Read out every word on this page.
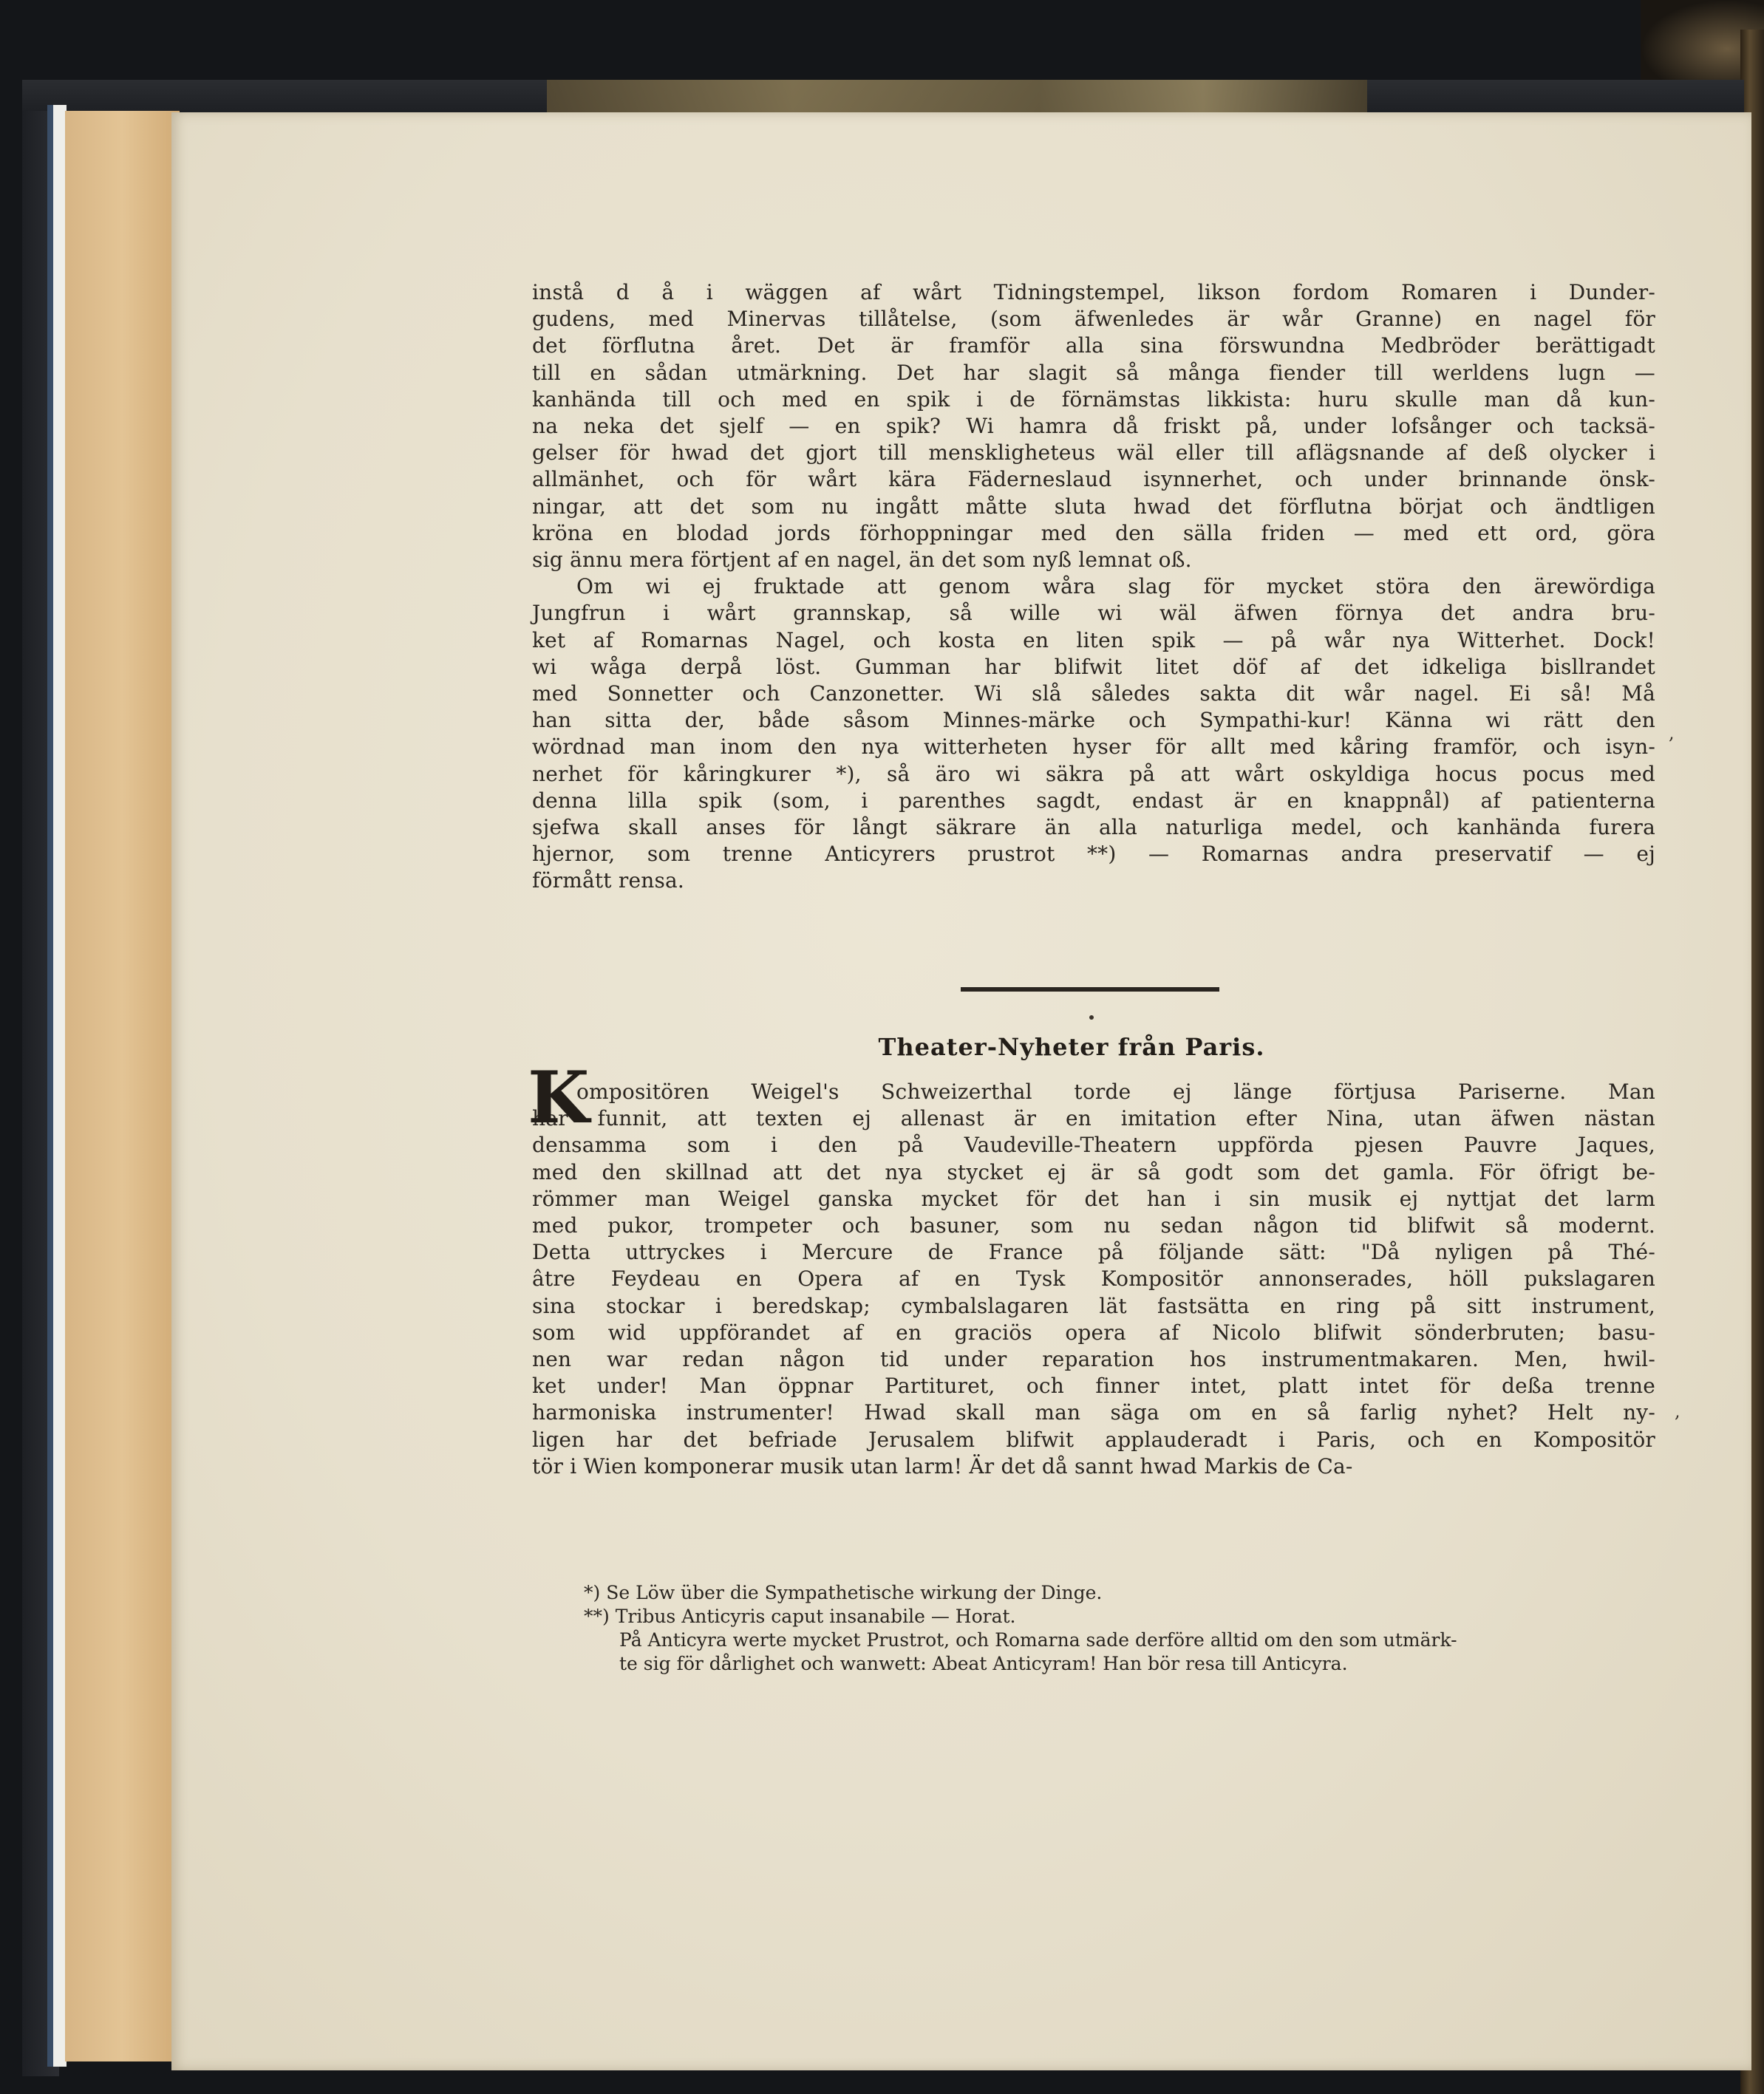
instå d å i wäggen af wårt Tidningstempel, likson fordom Romaren i Dunder-
gudens, med Minervas tillåtelse, (som äfwenledes är wår Granne) en nagel för
det förflutna året. Det är framför alla sina förswundna Medbröder berättigadt
till en sådan utmärkning. Det har slagit så många fiender till werldens lugn —
kanhända till och med en spik i de förnämstas likkista: huru skulle man då kun-
na neka det sjelf — en spik? Wi hamra då friskt på, under lofsånger och tacksä-
gelser för hwad det gjort till menskligheteus wäl eller till aflägsnande af deß olycker i
allmänhet, och för wårt kära Fäderneslaud isynnerhet, och under brinnande önsk-
ningar, att det som nu ingått måtte sluta hwad det förflutna börjat och ändtligen
kröna en blodad jords förhoppningar med den sälla friden — med ett ord, göra
sig ännu mera förtjent af en nagel, än det som nyß lemnat oß.
Om wi ej fruktade att genom wåra slag för mycket störa den ärewördiga
Jungfrun i wårt grannskap, så wille wi wäl äfwen förnya det andra bru-
ket af Romarnas Nagel, och kosta en liten spik — på wår nya Witterhet. Dock!
wi wåga derpå löst. Gumman har blifwit litet döf af det idkeliga bisllrandet
med Sonnetter och Canzonetter. Wi slå således sakta dit wår nagel. Ei så! Må
han sitta der, både såsom Minnes-märke och Sympathi-kur! Känna wi rätt den
wördnad man inom den nya witterheten hyser för allt med kåring framför, och isyn-
nerhet för kåringkurer *), så äro wi säkra på att wårt oskyldiga hocus pocus med
denna lilla spik (som, i parenthes sagdt, endast är en knappnål) af patienterna
sjefwa skall anses för långt säkrare än alla naturliga medel, och kanhända furera
hjernor, som trenne Anticyrers prustrot **) — Romarnas andra preservatif — ej
förmått rensa.
Theater-Nyheter från Paris.
K
ompositören Weigel's Schweizerthal torde ej länge förtjusa Pariserne. Man
har funnit, att texten ej allenast är en imitation efter Nina, utan äfwen nästan
densamma som i den på Vaudeville-Theatern uppförda pjesen Pauvre Jaques,
med den skillnad att det nya stycket ej är så godt som det gamla. För öfrigt be-
römmer man Weigel ganska mycket för det han i sin musik ej nyttjat det larm
med pukor, trompeter och basuner, som nu sedan någon tid blifwit så modernt.
Detta uttryckes i Mercure de France på följande sätt: "Då nyligen på Thé-
âtre Feydeau en Opera af en Tysk Kompositör annonserades, höll pukslagaren
sina stockar i beredskap; cymbalslagaren lät fastsätta en ring på sitt instrument,
som wid uppförandet af en graciös opera af Nicolo blifwit sönderbruten; basu-
nen war redan någon tid under reparation hos instrumentmakaren. Men, hwil-
ket under! Man öppnar Partituret, och finner intet, platt intet för deßa trenne
harmoniska instrumenter! Hwad skall man säga om en så farlig nyhet? Helt ny-
ligen har det befriade Jerusalem blifwit applauderadt i Paris, och en Kompositör
tör i Wien komponerar musik utan larm! Är det då sannt hwad Markis de Ca-
*) Se Löw über die Sympathetische wirkung der Dinge.
**) Tribus Anticyris caput insanabile — Horat.
På Anticyra werte mycket Prustrot, och Romarna sade derföre alltid om den som utmärk-
te sig för dårlighet och wanwett: Abeat Anticyram! Han bör resa till Anticyra.
,
,
